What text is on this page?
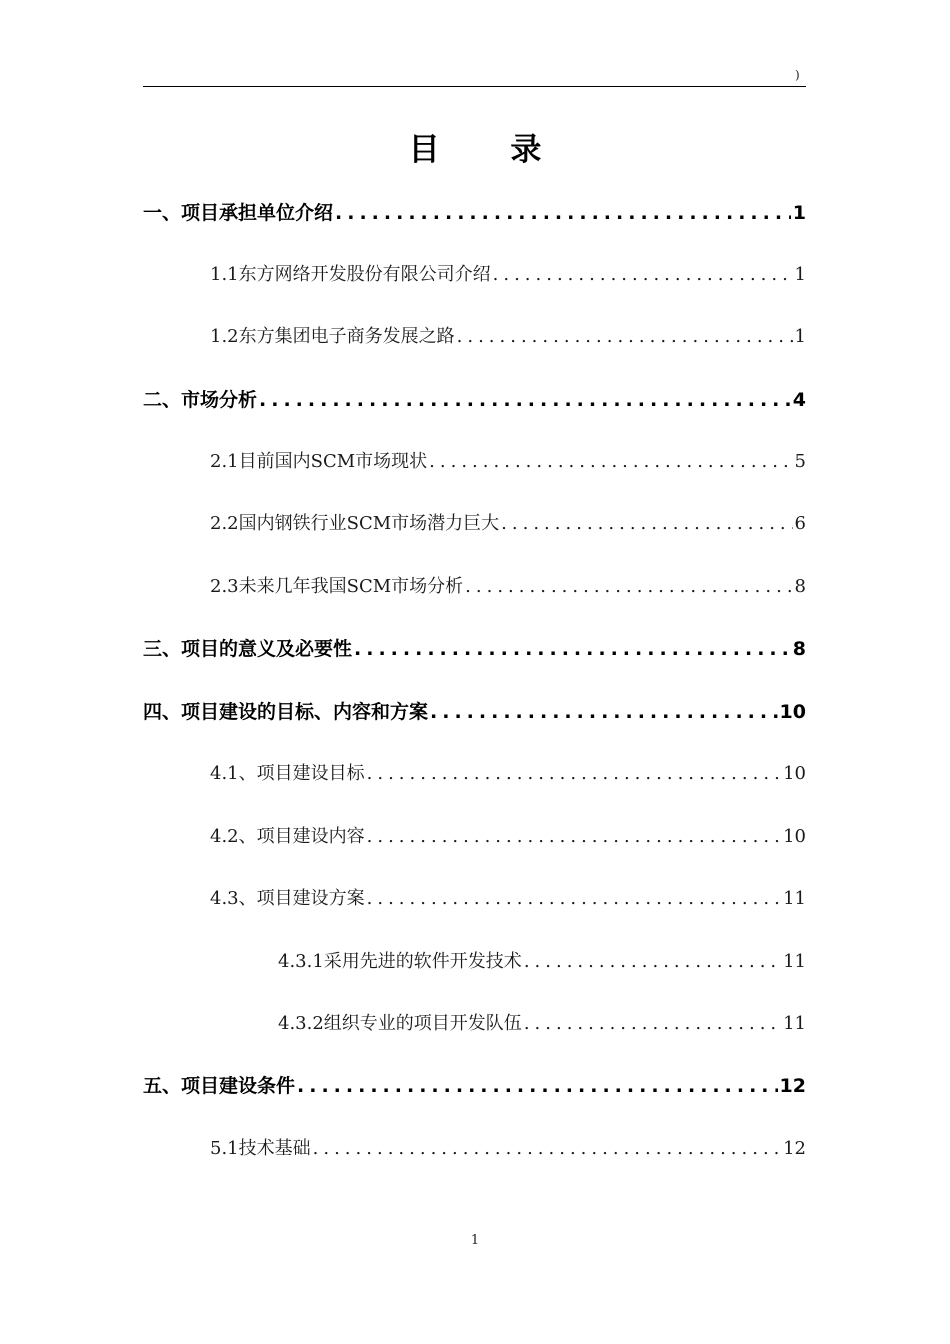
)
目 录
一、项目承担单位介绍 .....	1
1.1东方网络开发股份有限公司介绍 .....	1
1.2东方集团电子商务发展之路 .....	1
二、市场分析 .....	4
2.1目前国内SCM市场现状 .....	5
2.2国内钢铁行业SCM市场潜力巨大 .....	6
2.3未来几年我国SCM市场分析 .....	8
三、项目的意义及必要性 .....	8
四、项目建设的目标、内容和方案 .....	10
4.1、项目建设目标 .....	10
4.2、项目建设内容 .....	10
4.3、项目建设方案 .....	11
4.3.1采用先进的软件开发技术 .....	11
4.3.2组织专业的项目开发队伍 .....	11
五、项目建设条件 .....	12
5.1技术基础 .....	12
1
